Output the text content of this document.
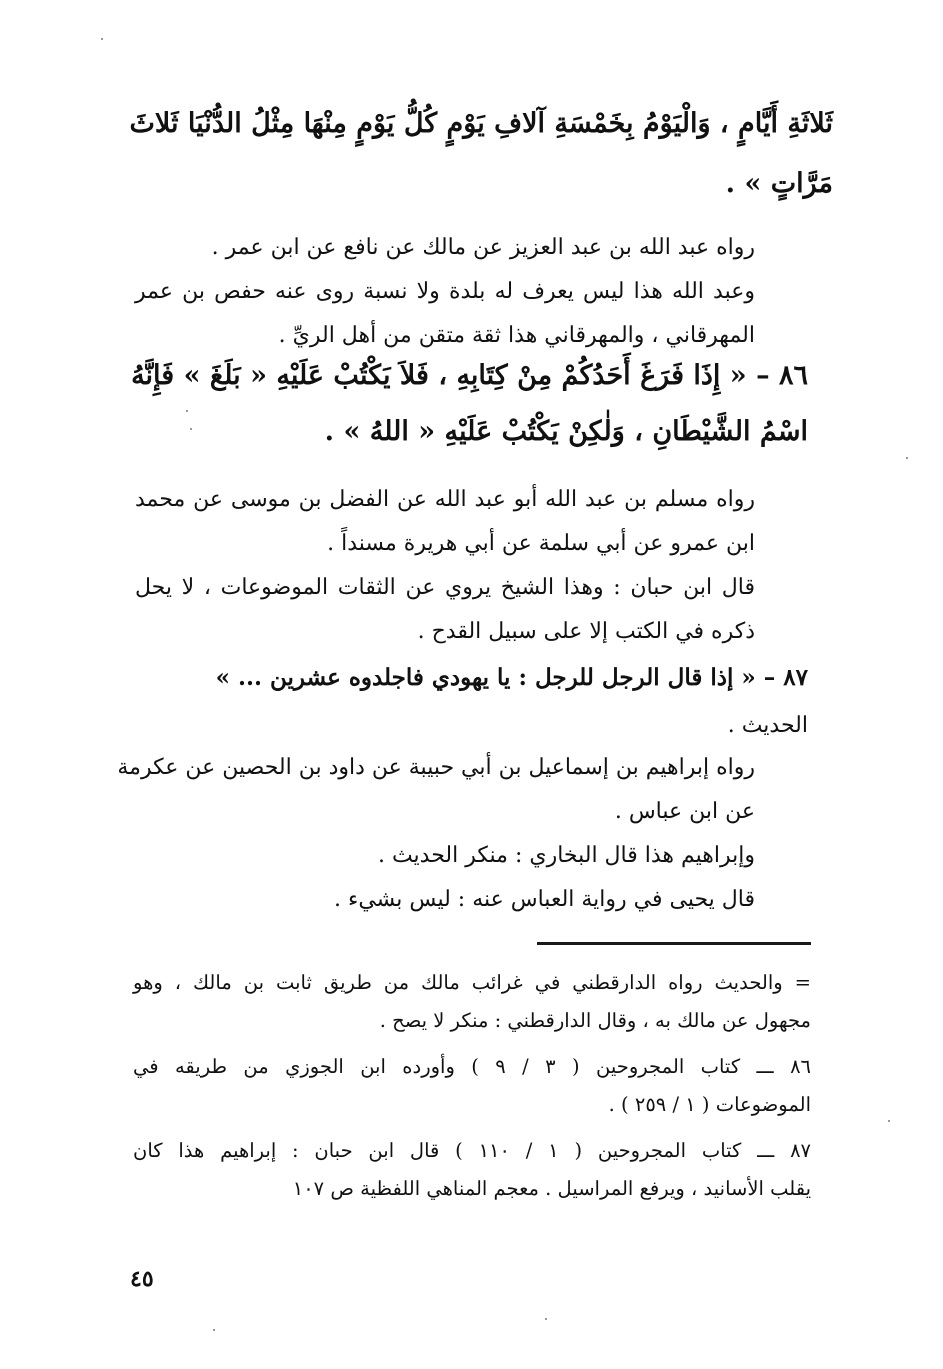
ثَلاثَةِ أَيَّامٍ ، وَالْيَوْمُ بِخَمْسَةِ آلافِ يَوْمٍ كُلُّ يَوْمٍ مِنْهَا مِثْلُ الدُّنْيَا ثَلاثَ
مَرَّاتٍ » .
رواه عبد الله بن عبد العزيز عن مالك عن نافع عن ابن عمر .
وعبد الله هذا ليس يعرف له بلدة ولا نسبة روى عنه حفص بن عمر
المهرقاني ، والمهرقاني هذا ثقة متقن من أهل الريِّ .
٨٦ – « إِذَا فَرَغَ أَحَدُكُمْ مِنْ كِتَابِهِ ، فَلاَ يَكْتُبْ عَلَيْهِ « بَلَغَ » فَإِنَّهُ
اسْمُ الشَّيْطَانِ ، وَلٰكِنْ يَكْتُبْ عَلَيْهِ « اللهُ » .
رواه مسلم بن عبد الله أبو عبد الله عن الفضل بن موسى عن محمد
ابن عمرو عن أبي سلمة عن أبي هريرة مسنداً .
قال ابن حبان : وهذا الشيخ يروي عن الثقات الموضوعات ، لا يحل
ذكره في الكتب إلا على سبيل القدح .
٨٧ – « إذا قال الرجل للرجل : يا يهودي فاجلدوه عشرين ... »
الحديث .
رواه إبراهيم بن إسماعيل بن أبي حبيبة عن داود بن الحصين عن عكرمة
عن ابن عباس .
وإبراهيم هذا قال البخاري : منكر الحديث .
قال يحيى في رواية العباس عنه : ليس بشيء .
= والحديث رواه الدارقطني في غرائب مالك من طريق ثابت بن مالك ، وهو
مجهول عن مالك به ، وقال الدارقطني : منكر لا يصح .
٨٦ ـــ كتاب المجروحين ( ٣ / ٩ ) وأورده ابن الجوزي من طريقه في
الموضوعات ( ١ / ٢٥٩ ) .
٨٧ ـــ كتاب المجروحين ( ١ / ١١٠ ) قال ابن حبان : إبراهيم هذا كان
يقلب الأسانيد ، ويرفع المراسيل . معجم المناهي اللفظية ص ١٠٧
٤٥
